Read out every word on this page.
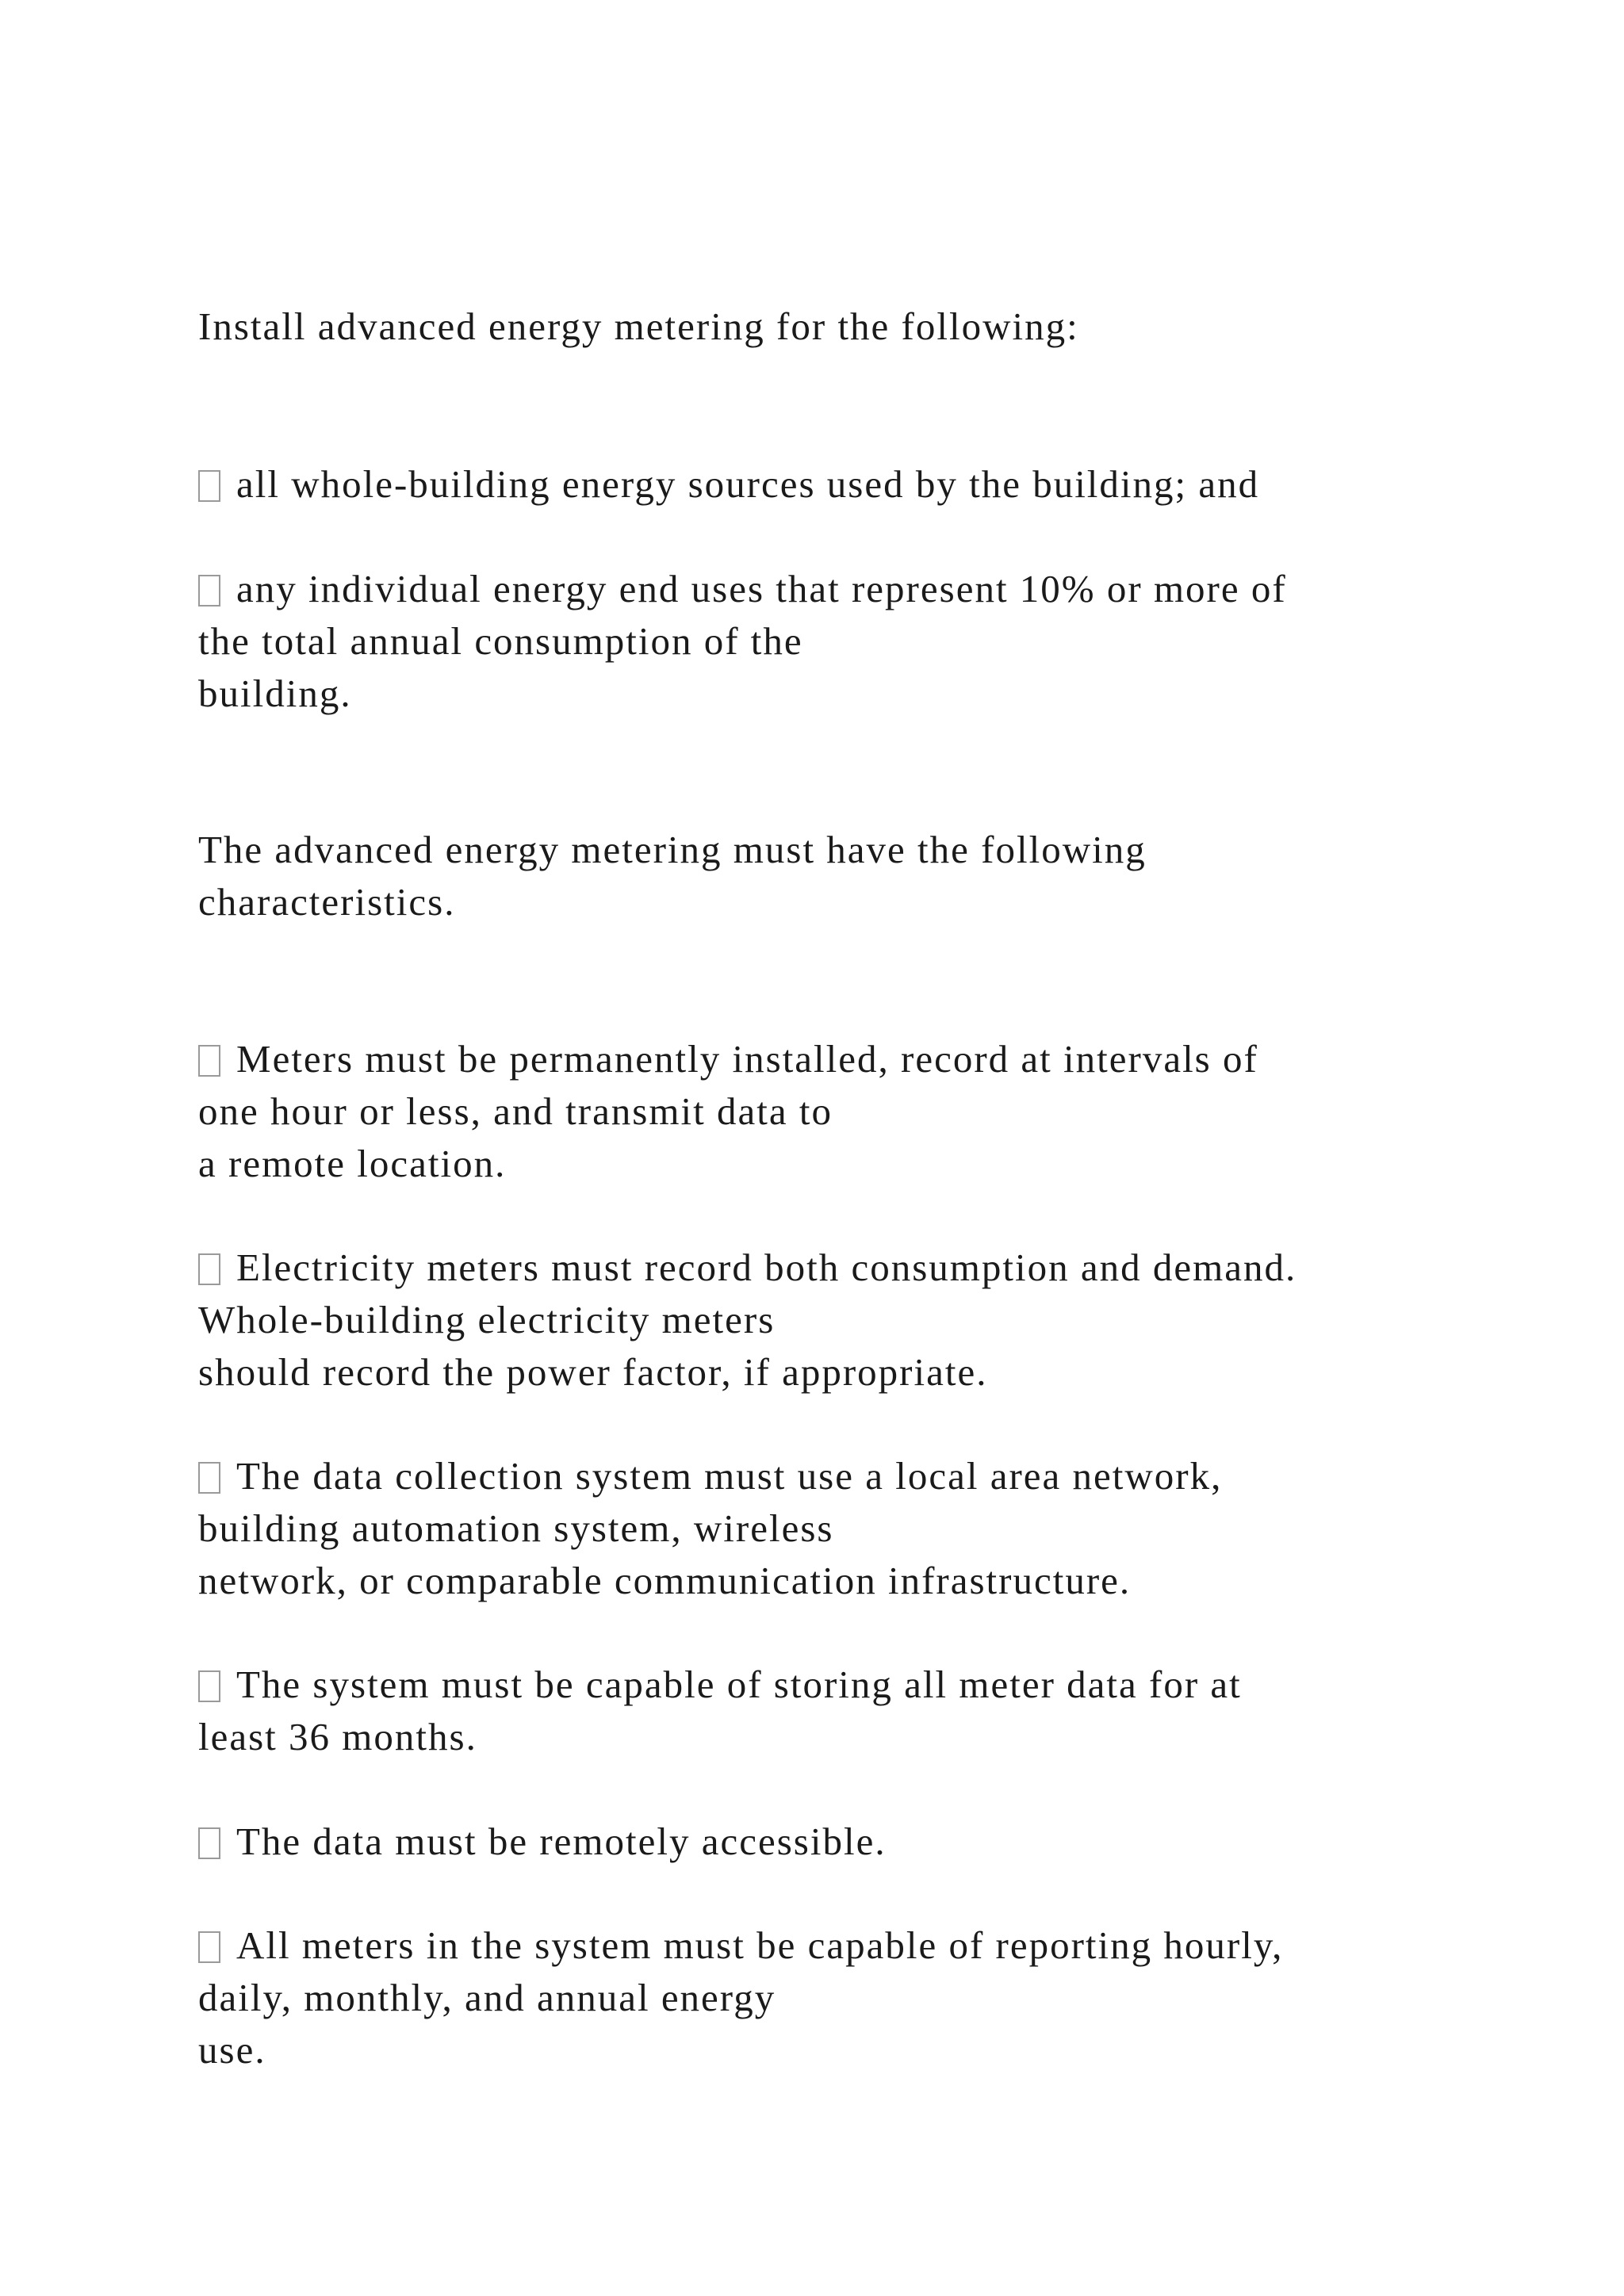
Install advanced energy metering for the following:
all whole-building energy sources used by the building; and
any individual energy end uses that represent 10% or more of
the total annual consumption of the
building.
The advanced energy metering must have the following
characteristics.
Meters must be permanently installed, record at intervals of
one hour or less, and transmit data to
a remote location.
Electricity meters must record both consumption and demand.
Whole-building electricity meters
should record the power factor, if appropriate.
The data collection system must use a local area network,
building automation system, wireless
network, or comparable communication infrastructure.
The system must be capable of storing all meter data for at
least 36 months.
The data must be remotely accessible.
All meters in the system must be capable of reporting hourly,
daily, monthly, and annual energy
use.
